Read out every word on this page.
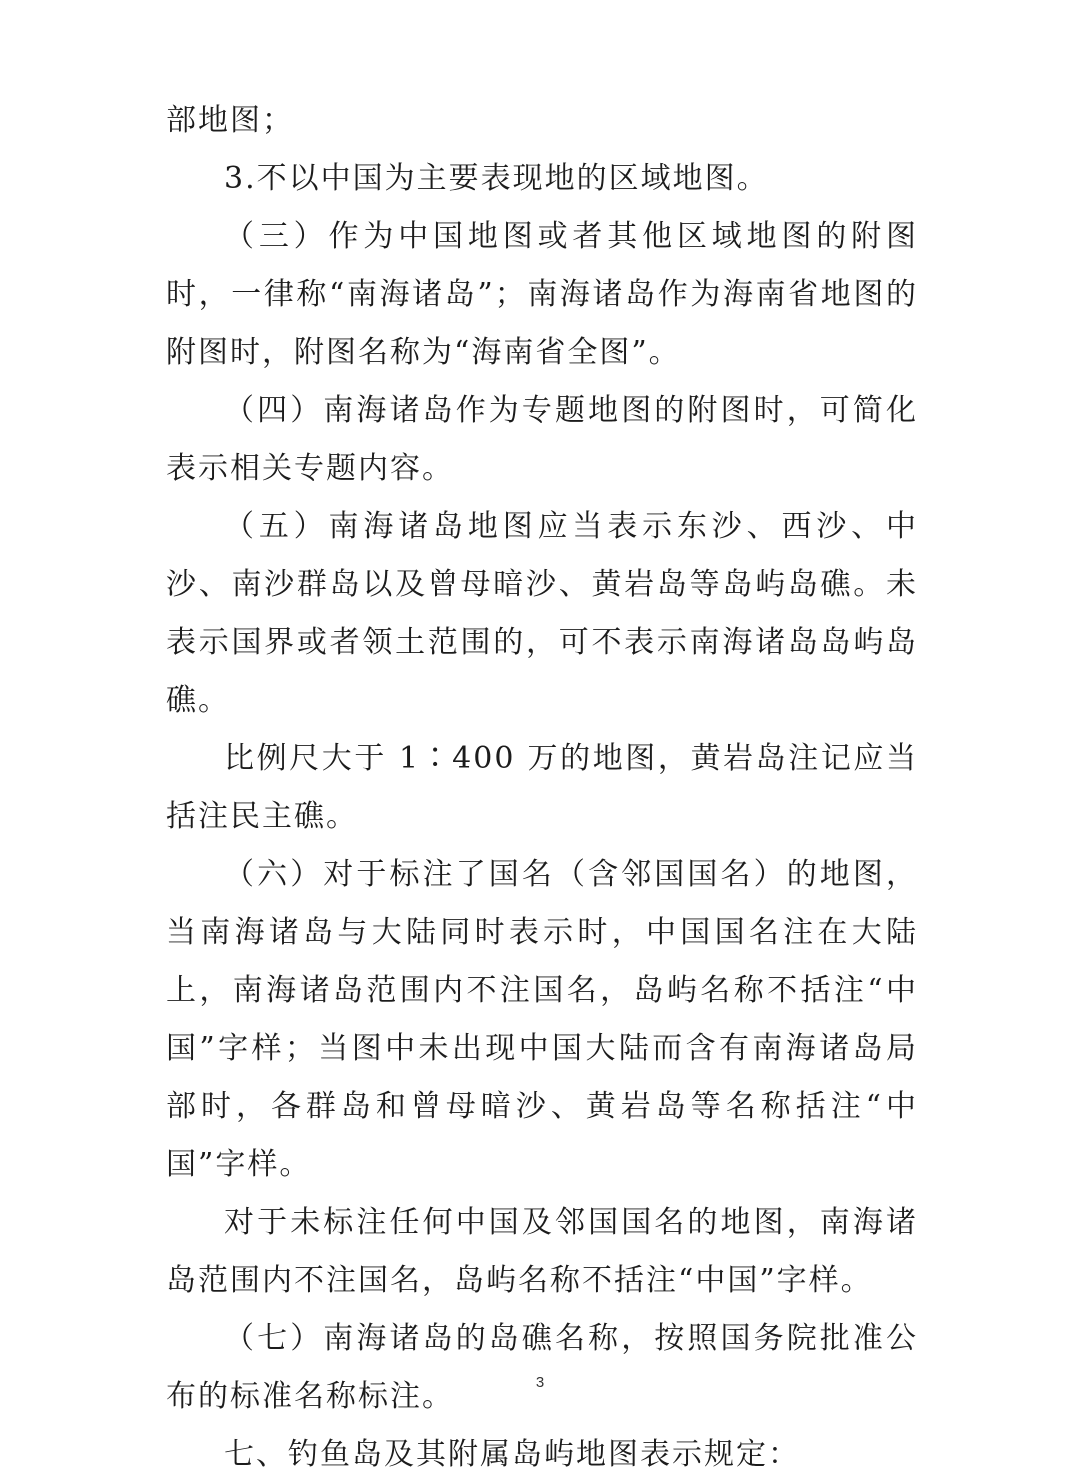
部地图；

3.不以中国为主要表现地的区域地图。

（三）作为中国地图或者其他区域地图的附图时，一律称“南海诸岛”；南海诸岛作为海南省地图的附图时，附图名称为“海南省全图”。

（四）南海诸岛作为专题地图的附图时，可简化表示相关专题内容。

（五）南海诸岛地图应当表示东沙、西沙、中沙、南沙群岛以及曾母暗沙、黄岩岛等岛屿岛礁。未表示国界或者领土范围的，可不表示南海诸岛岛屿岛礁。

比例尺大于 1∶400 万的地图，黄岩岛注记应当括注民主礁。

（六）对于标注了国名（含邻国国名）的地图，当南海诸岛与大陆同时表示时，中国国名注在大陆上，南海诸岛范围内不注国名，岛屿名称不括注“中国”字样；当图中未出现中国大陆而含有南海诸岛局部时，各群岛和曾母暗沙、黄岩岛等名称括注“中国”字样。

对于未标注任何中国及邻国国名的地图，南海诸岛范围内不注国名，岛屿名称不括注“中国”字样。

（七）南海诸岛的岛礁名称，按照国务院批准公布的标准名称标注。

七、钓鱼岛及其附属岛屿地图表示规定：

3
